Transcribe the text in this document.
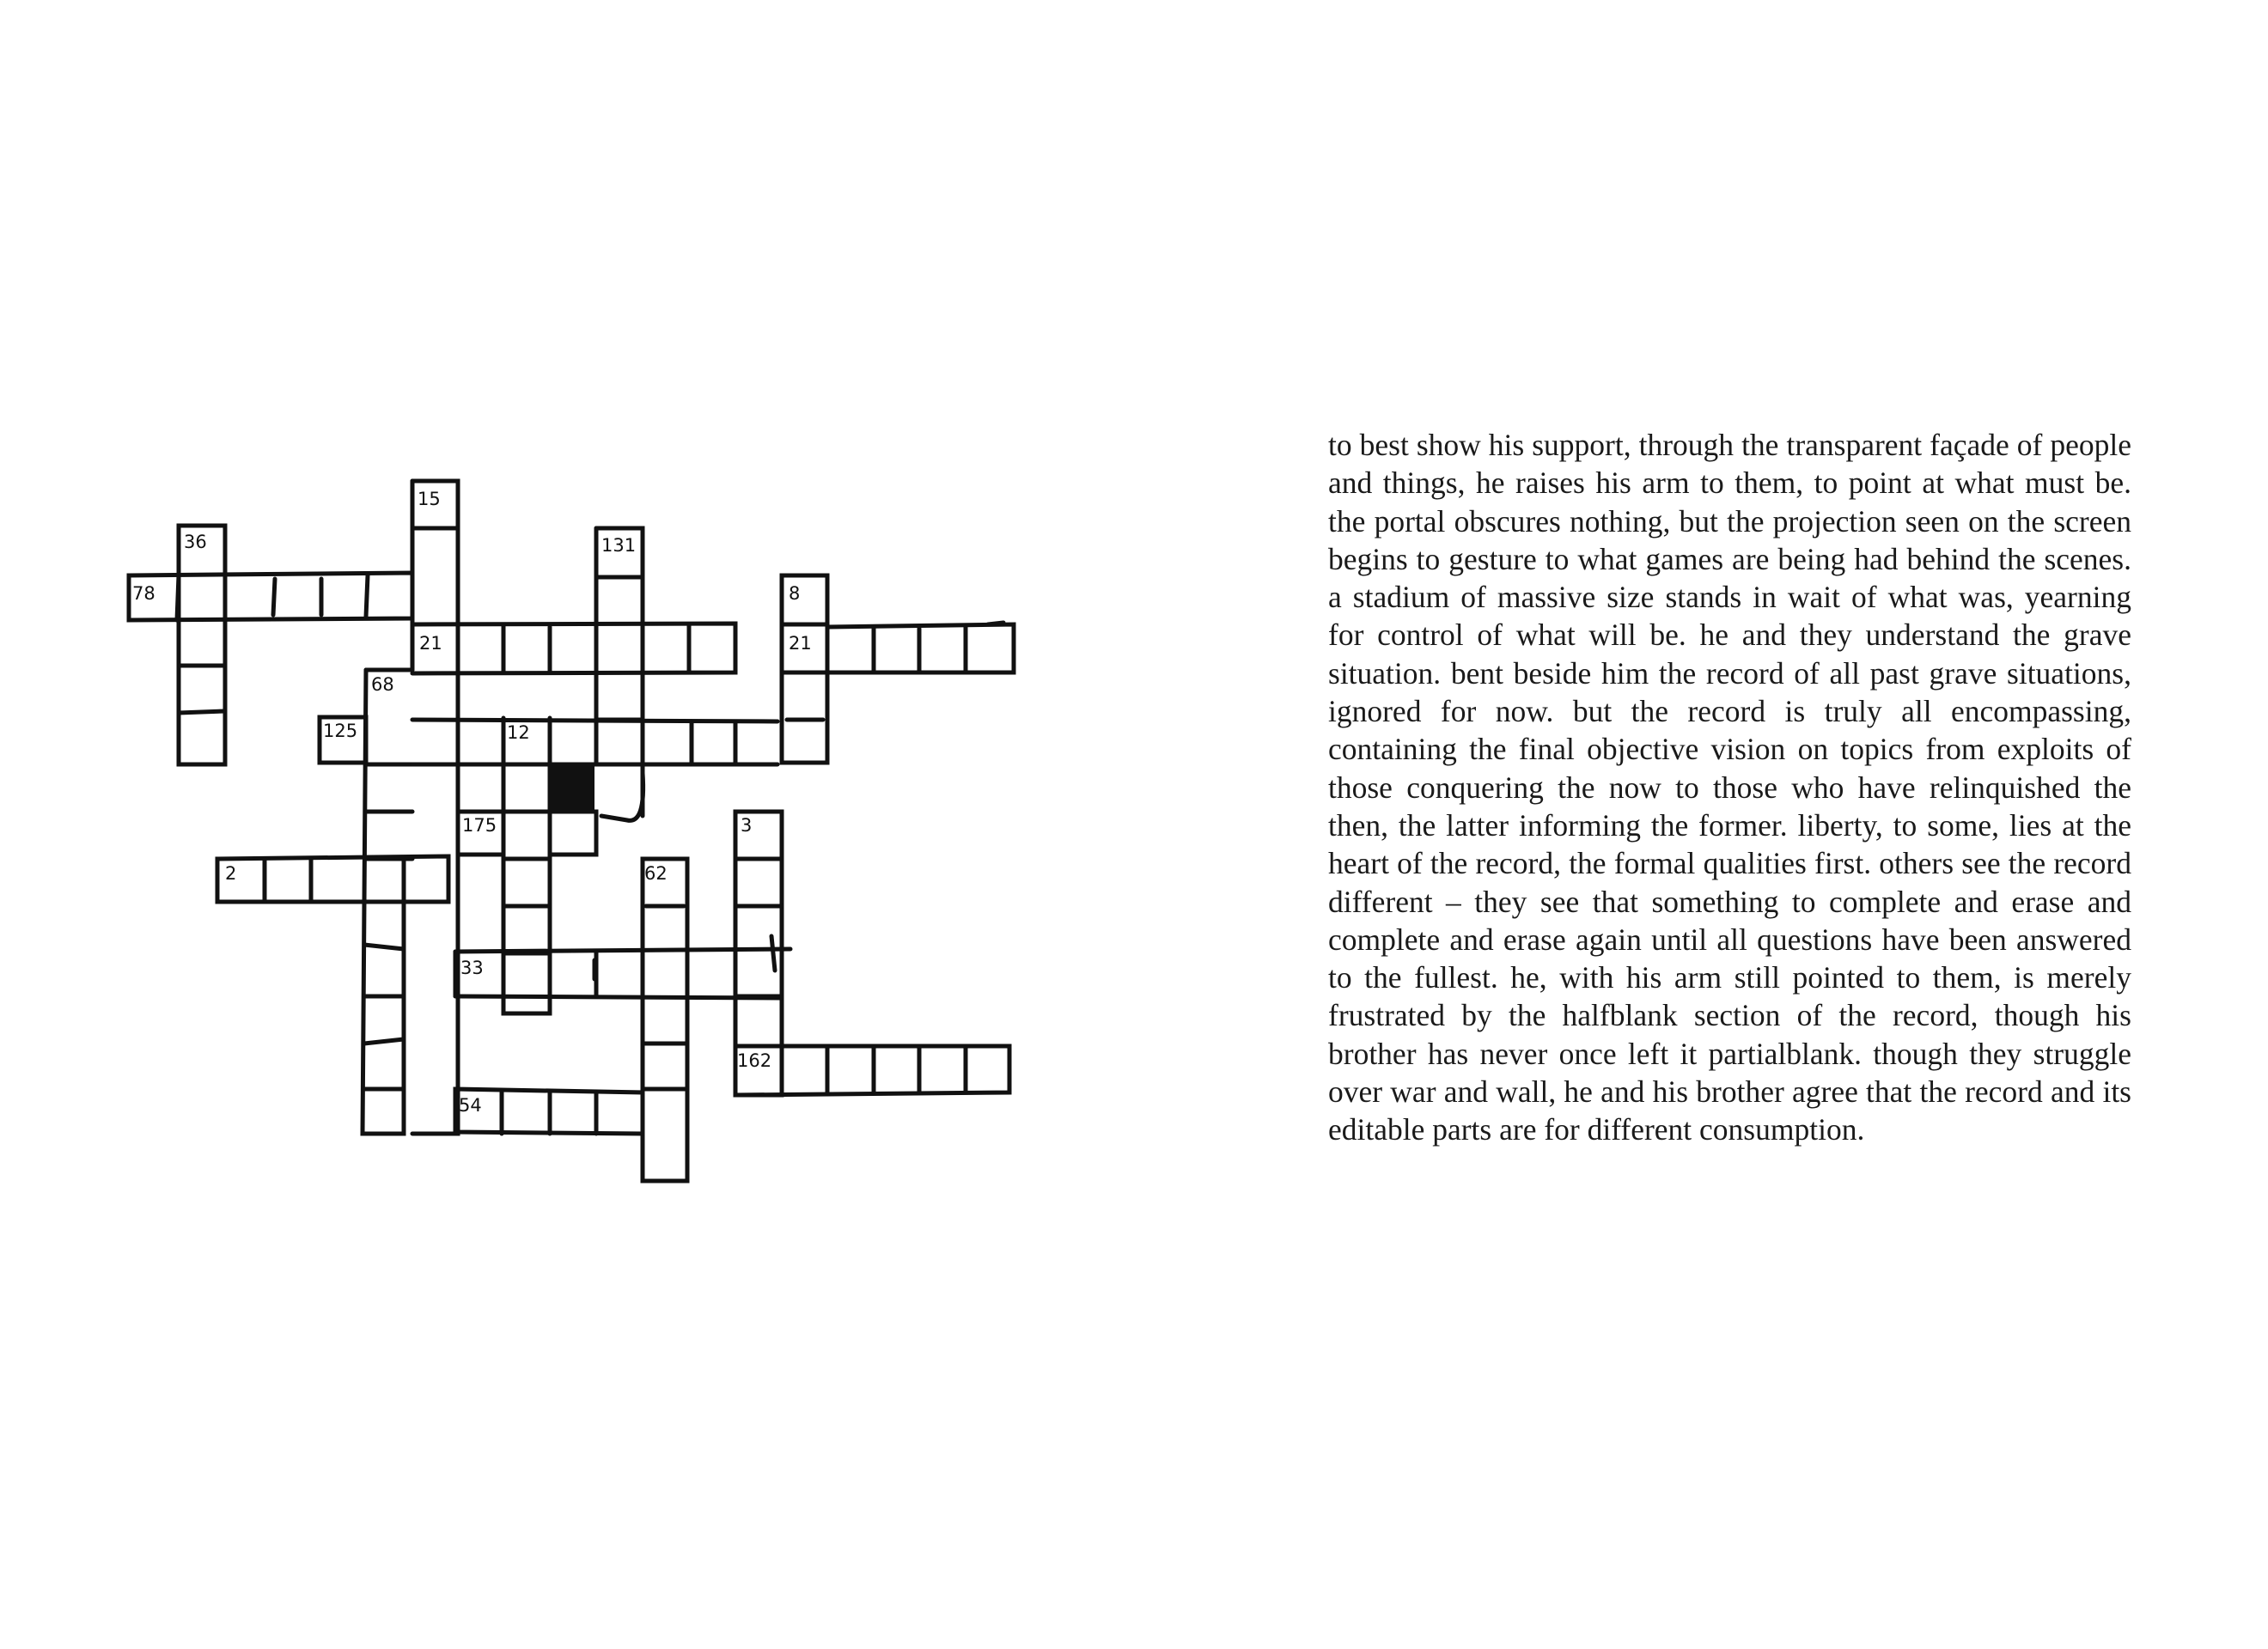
15
36	131
78	8
21	21
68
125	12
175	3
2	62
33
162
54

to best show his support, through the transparent façade of people and things, he raises his arm to them, to point at what must be. the portal obscures nothing, but the projection seen on the screen begins to gesture to what games are being had behind the scenes. a stadium of massive size stands in wait of what was, yearning for control of what will be. he and they understand the grave situation. bent beside him the record of all past grave situations, ignored for now. but the record is truly all encompassing, containing the final objective vision on topics from exploits of those conquering the now to those who have relinquished the then, the latter informing the former. liberty, to some, lies at the heart of the record, the formal qualities first. others see the record different – they see that something to complete and erase and complete and erase again until all questions have been answered to the fullest. he, with his arm still pointed to them, is merely frustrated by the halfblank section of the record, though his brother has never once left it partialblank. though they struggle over war and wall, he and his brother agree that the record and its editable parts are for different consumption.
